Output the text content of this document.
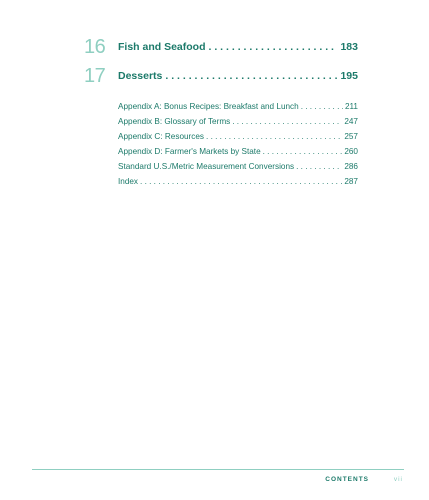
16	Fish and Seafood . . .	183
17	Desserts . . .	195
Appendix A: Bonus Recipes: Breakfast and Lunch . . .	211
Appendix B: Glossary of Terms . . .	247
Appendix C: Resources . . .	257
Appendix D: Farmer's Markets by State . . .	260
Standard U.S./Metric Measurement Conversions . . .	286
Index . . .	287
CONTENTS	vii
